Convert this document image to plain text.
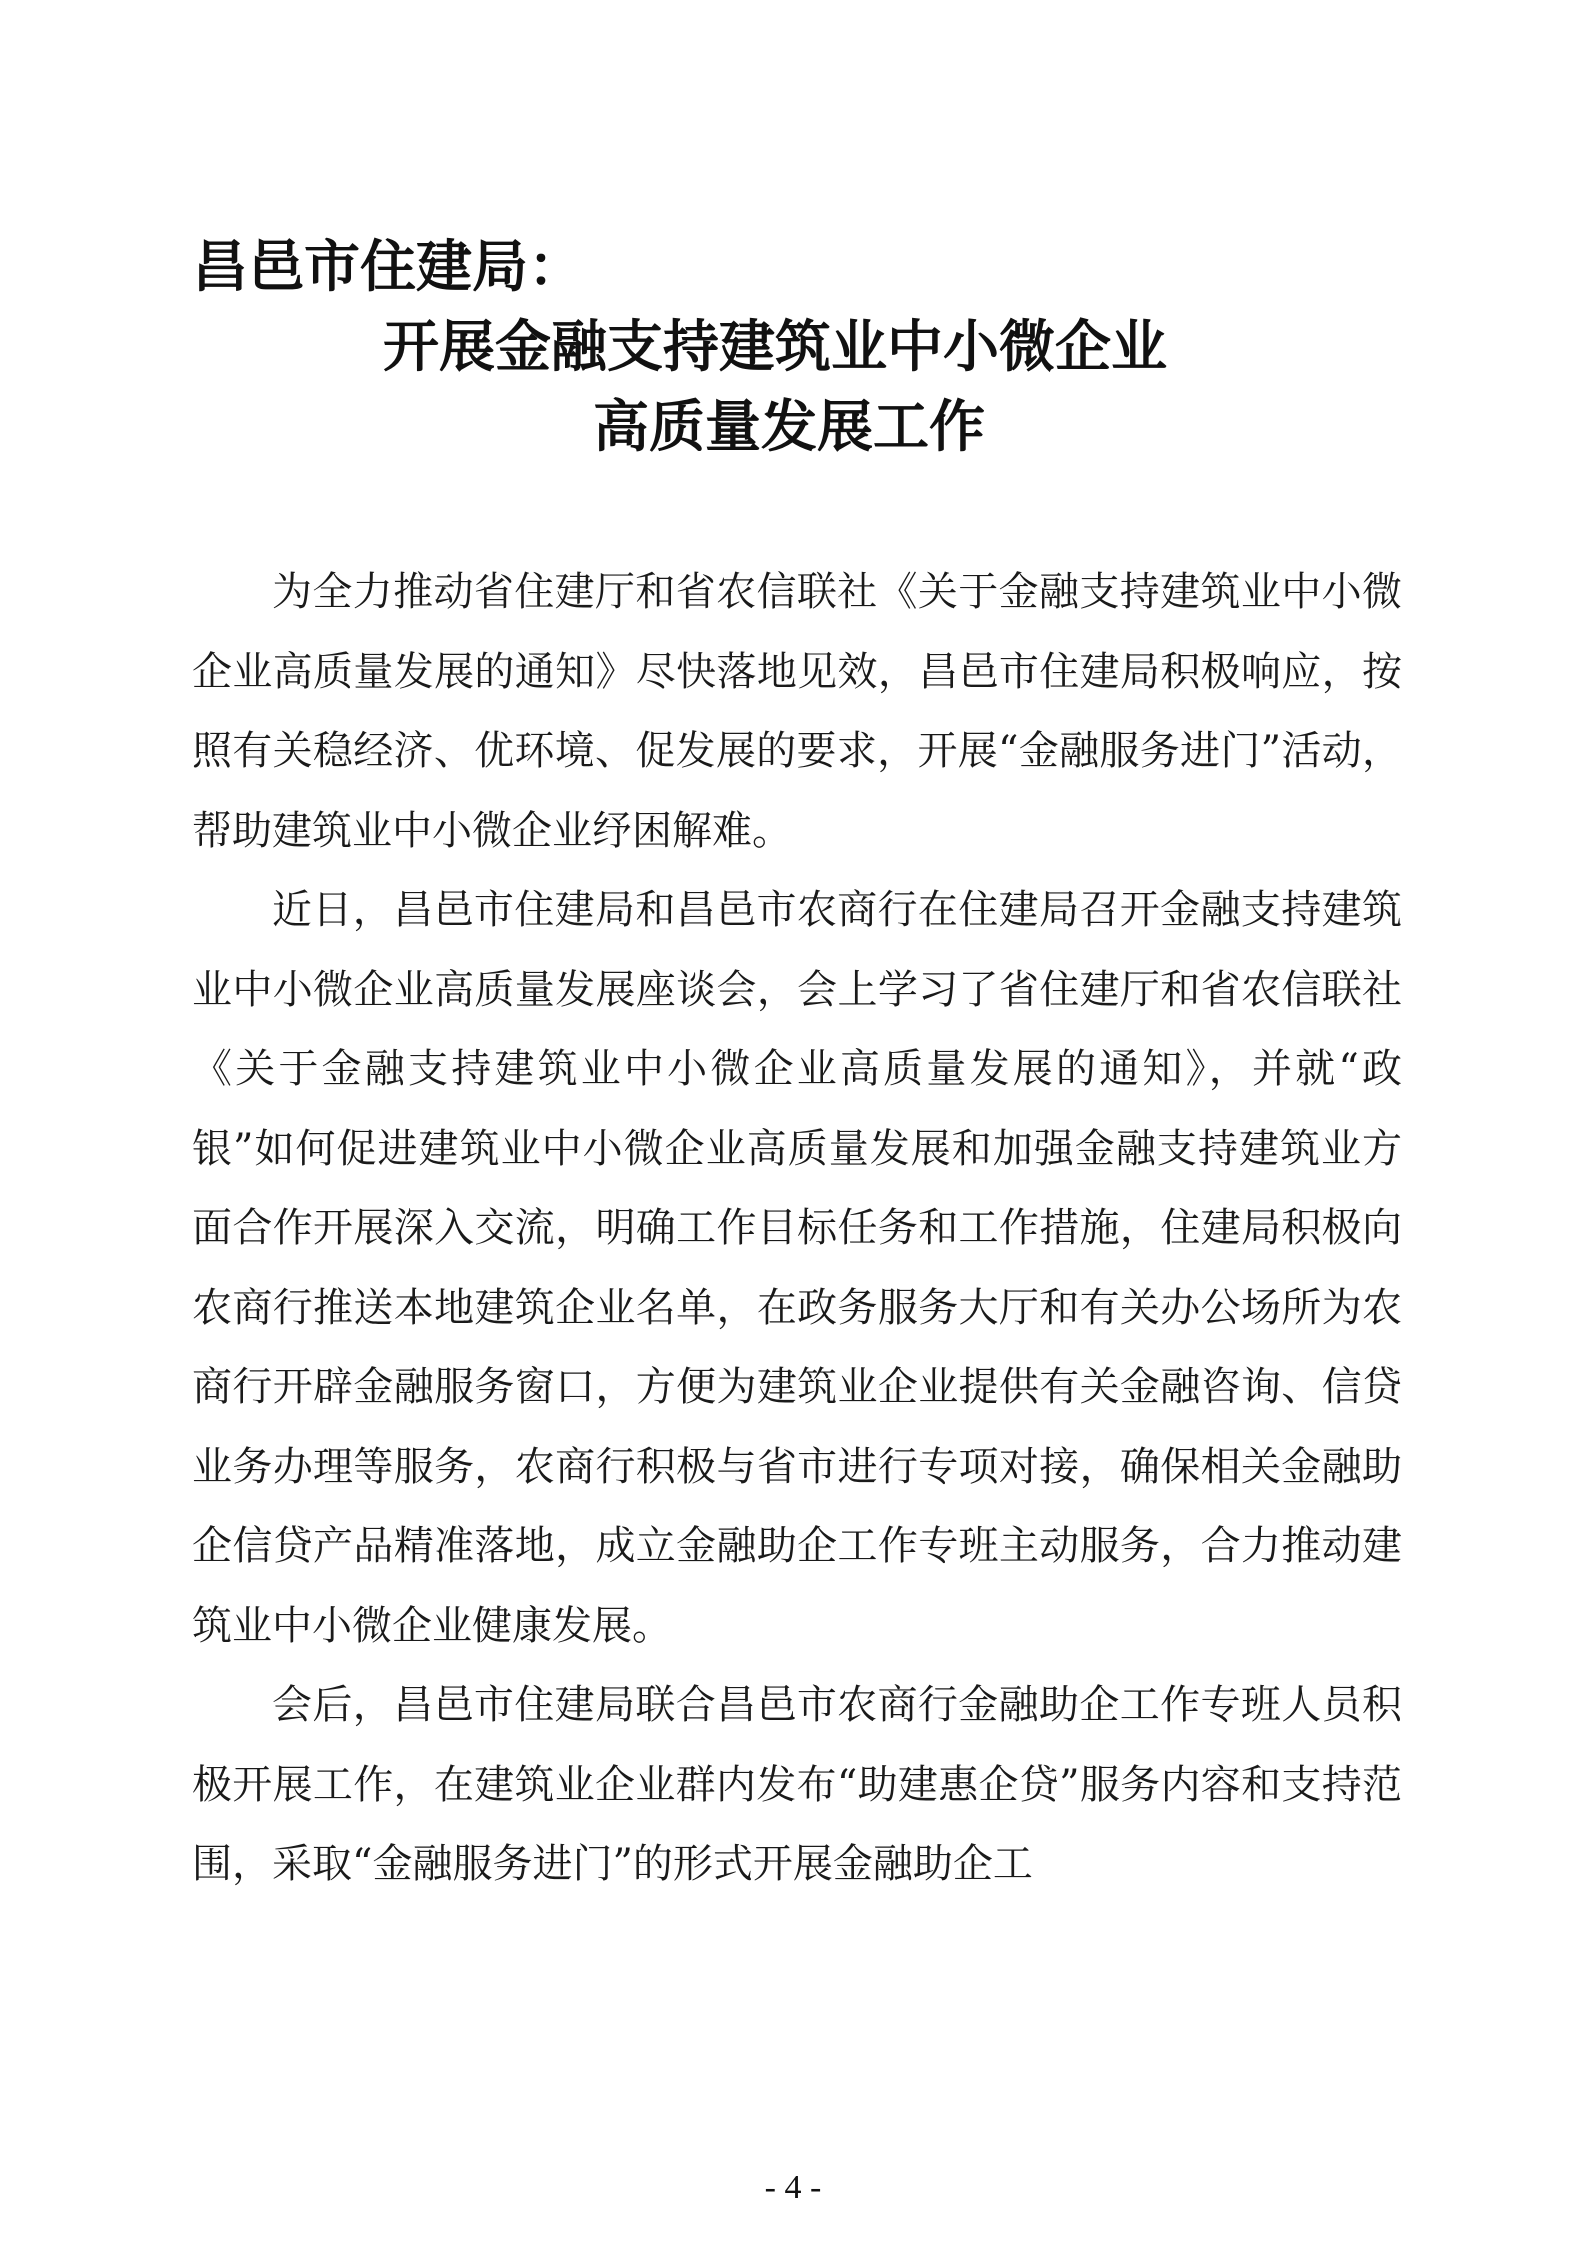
昌邑市住建局：
开展金融支持建筑业中小微企业
高质量发展工作

为全力推动省住建厅和省农信联社《关于金融支持建筑业中小微企业高质量发展的通知》尽快落地见效，昌邑市住建局积极响应，按照有关稳经济、优环境、促发展的要求，开展“金融服务进门”活动，帮助建筑业中小微企业纾困解难。

近日，昌邑市住建局和昌邑市农商行在住建局召开金融支持建筑业中小微企业高质量发展座谈会，会上学习了省住建厅和省农信联社《关于金融支持建筑业中小微企业高质量发展的通知》，并就“政银”如何促进建筑业中小微企业高质量发展和加强金融支持建筑业方面合作开展深入交流，明确工作目标任务和工作措施，住建局积极向农商行推送本地建筑企业名单，在政务服务大厅和有关办公场所为农商行开辟金融服务窗口，方便为建筑业企业提供有关金融咨询、信贷业务办理等服务，农商行积极与省市进行专项对接，确保相关金融助企信贷产品精准落地，成立金融助企工作专班主动服务，合力推动建筑业中小微企业健康发展。

会后，昌邑市住建局联合昌邑市农商行金融助企工作专班人员积极开展工作，在建筑业企业群内发布“助建惠企贷”服务内容和支持范围，采取“金融服务进门”的形式开展金融助企工

- 4 -
